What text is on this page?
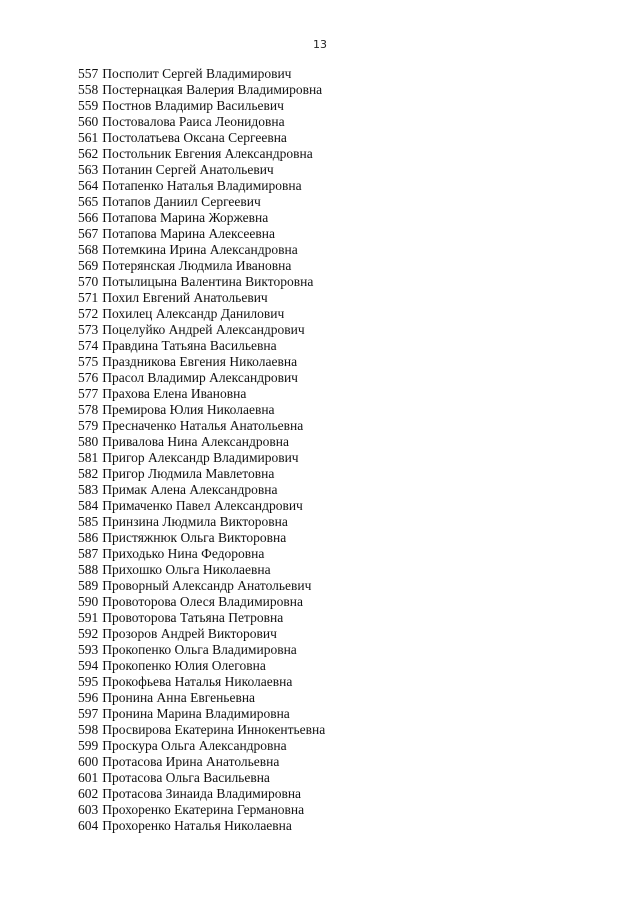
13
557 Посполит Сергей Владимирович
558 Постернацкая Валерия Владимировна
559 Постнов Владимир Васильевич
560 Постовалова Раиса Леонидовна
561 Постолатьева Оксана Сергеевна
562 Постольник Евгения Александровна
563 Потанин Сергей Анатольевич
564 Потапенко Наталья Владимировна
565 Потапов Даниил Сергеевич
566 Потапова Марина Жоржевна
567 Потапова Марина Алексеевна
568 Потемкина Ирина Александровна
569 Потерянская Людмила Ивановна
570 Потылицына Валентина Викторовна
571 Похил Евгений Анатольевич
572 Похилец Александр Данилович
573 Поцелуйко Андрей Александрович
574 Правдина Татьяна Васильевна
575 Праздникова Евгения Николаевна
576 Прасол Владимир Александрович
577 Прахова Елена Ивановна
578 Премирова Юлия Николаевна
579 Пресначенко Наталья Анатольевна
580 Привалова Нина Александровна
581 Пригор Александр Владимирович
582 Пригор Людмила Мавлетовна
583 Примак Алена Александровна
584 Примаченко Павел Александрович
585 Принзина Людмила Викторовна
586 Пристяжнюк Ольга Викторовна
587 Приходько Нина Федоровна
588 Прихошко Ольга Николаевна
589 Проворный Александр Анатольевич
590 Провоторова Олеся Владимировна
591 Провоторова Татьяна Петровна
592 Прозоров Андрей Викторович
593 Прокопенко Ольга Владимировна
594 Прокопенко Юлия Олеговна
595 Прокофьева Наталья Николаевна
596 Пронина Анна Евгеньевна
597 Пронина Марина Владимировна
598 Просвирова Екатерина Иннокентьевна
599 Проскура Ольга Александровна
600 Протасова Ирина Анатольевна
601 Протасова Ольга Васильевна
602 Протасова Зинаида Владимировна
603 Прохоренко Екатерина Германовна
604 Прохоренко Наталья Николаевна
